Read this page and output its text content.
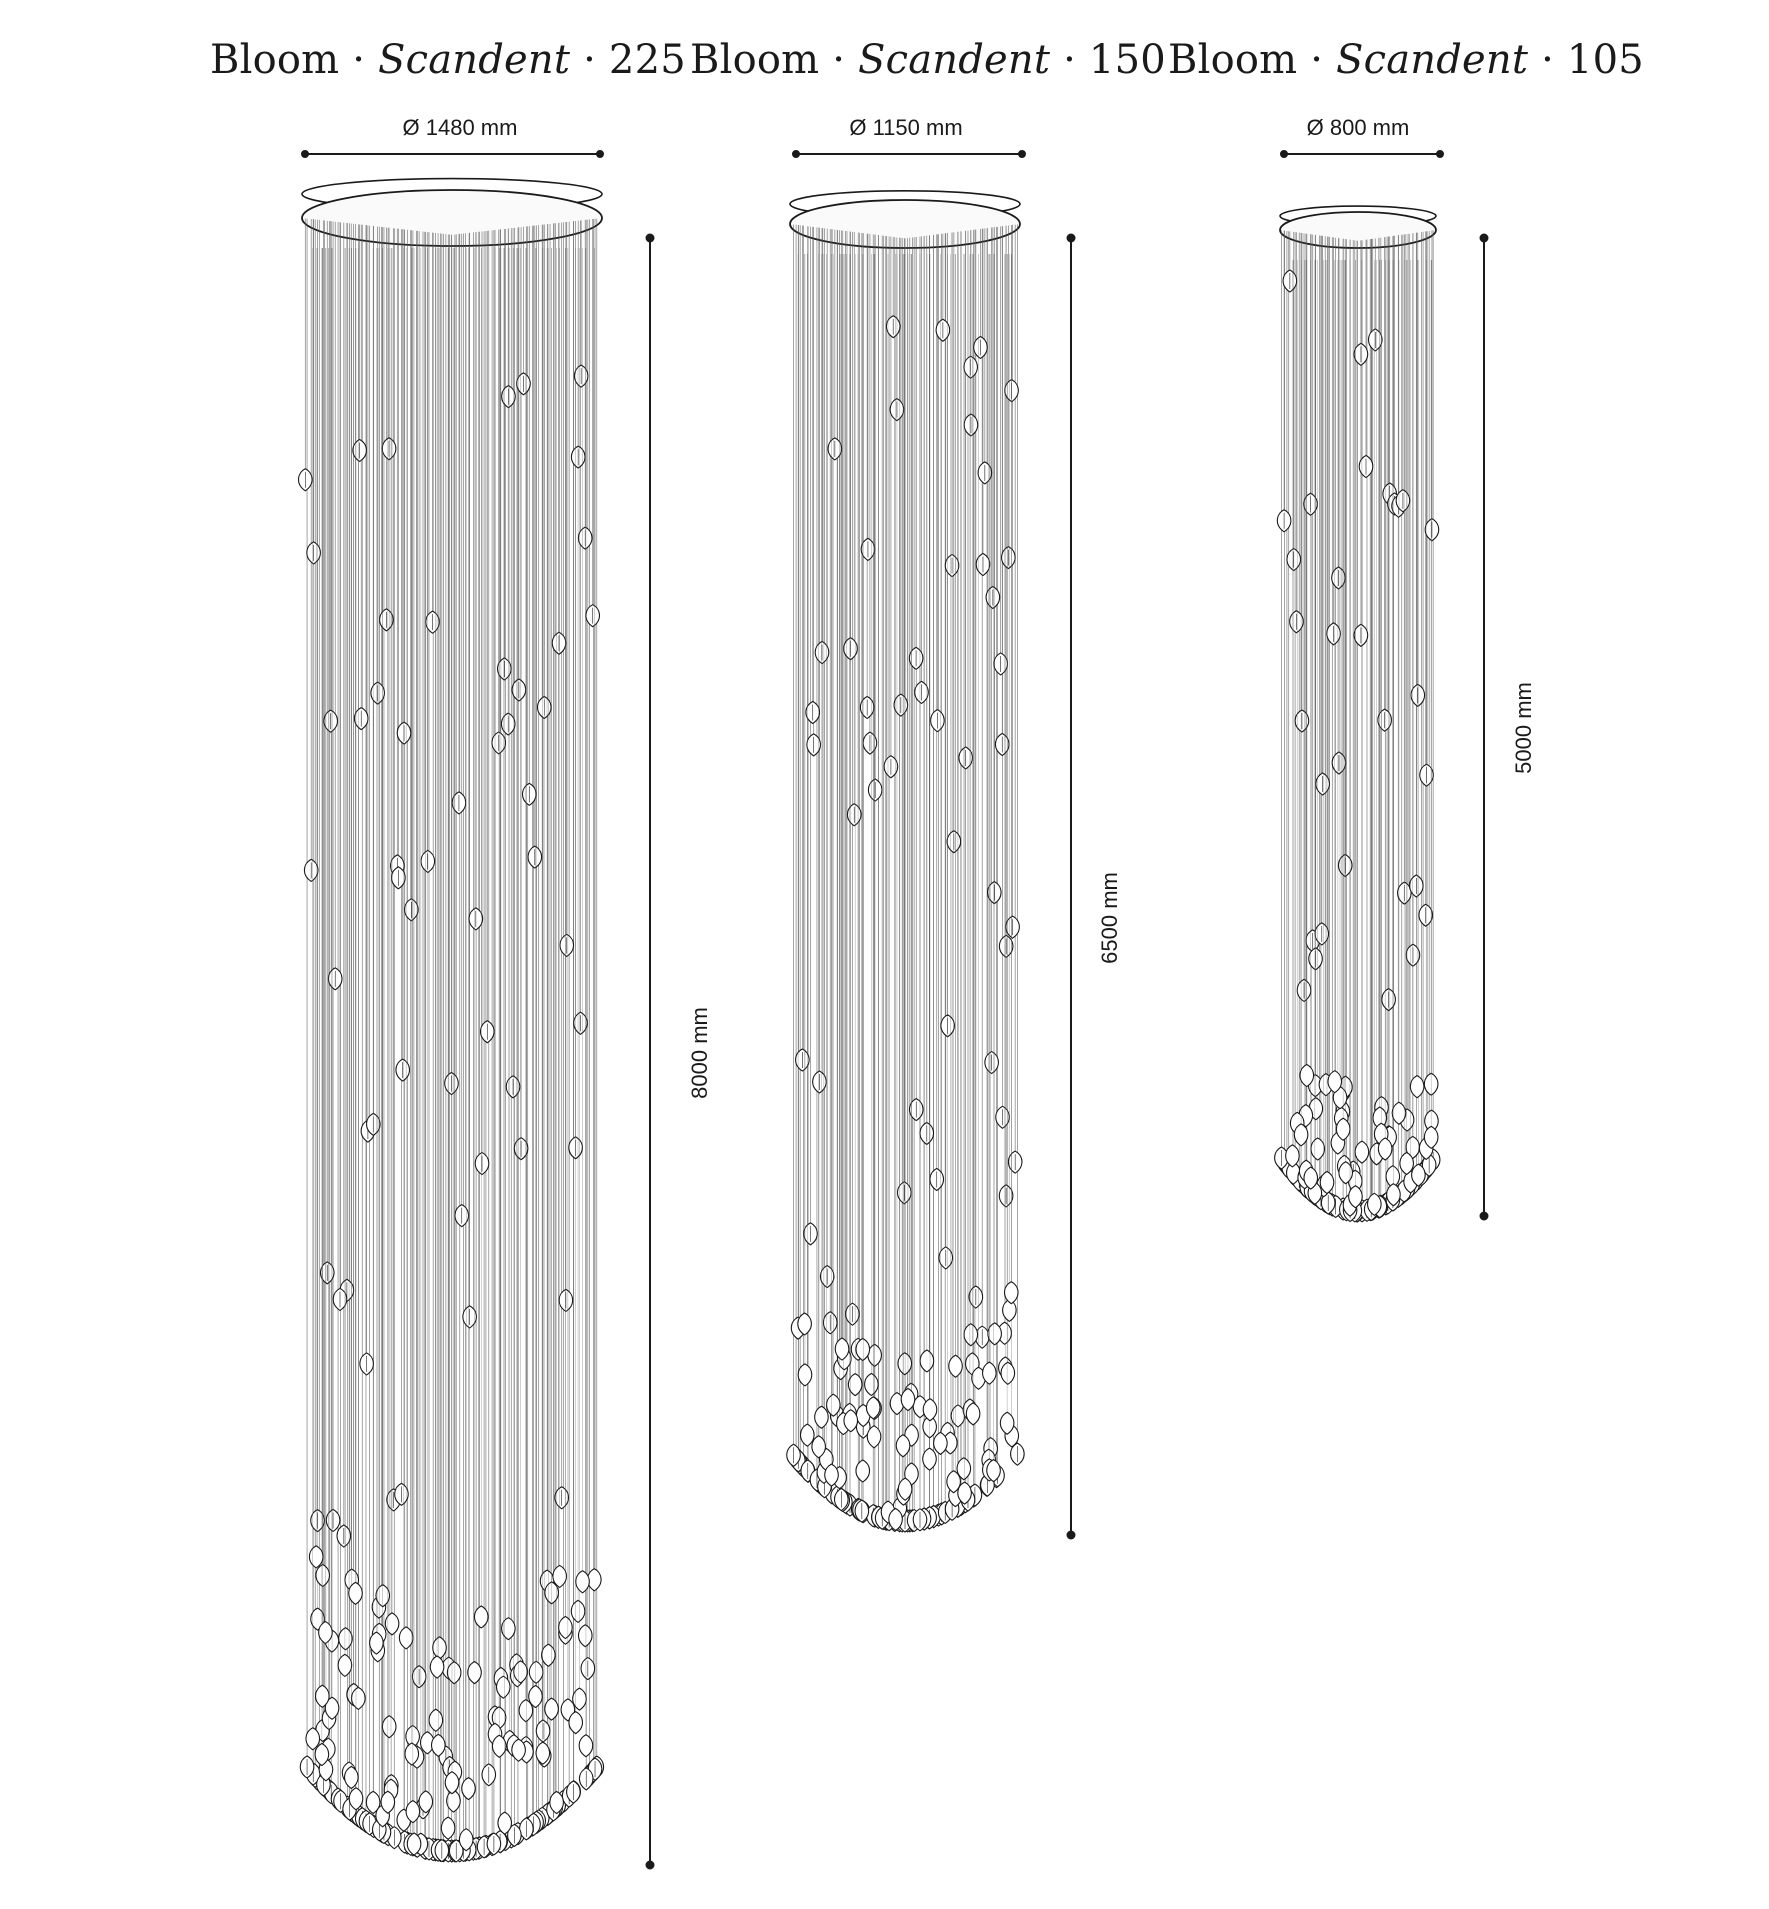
Bloom · Scandent · 225 Bloom · Scandent · 150 Bloom · Scandent · 105
Ø 1480 mm	Ø 1150 mm	Ø 800 mm
8000 mm
6500 mm
5000 mm
